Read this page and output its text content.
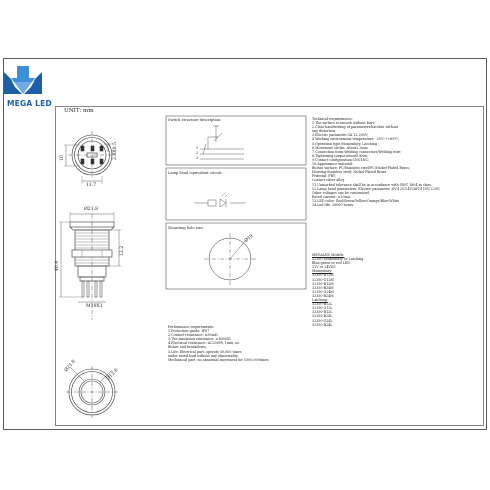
MEGA LED
UNIT: mm
10
11.7
2.8X0.5
Ø21.8
12.2
40.4
M19X1
Ø21.8
Ø12.6
Switch structure description:
1
2
3
Lamp head equivalent circuit:
Mounting hole size:
Ø19
Performance requirements:
1.Protection grade: IP67
2.Contact resistance: ≤50mΩ
3.The insulation resistance: ≥100MΩ
4.Electrical resistance: AC2000V, 1min, no
flicker and breakdown;
5.Life: Electrical part: operate 50,000 times
under rated load without any abnormality.
Mechanical part: no abnormal movement for 1000,000times
Technical requirements:
1.The surface is smooth without burr;
2.Clear handwriting of parameters/batches without
any distortion;
3.Electric parameter:3A 1L 250V;
4.Working environment temperature: -25℃~+65℃;
5.Operation type:Momentary, Latching ;
6.Movement stroke: about2.2mm
7.Connection form:Welding connectors/Welding wire;
8.Tightening torque:about0.8Nm;
9.Contact configuration:1NO1NC;
10.Appearance material:
Button surface: PC/Stainless steel/PC/Nickel-Plated Brass;
Housing:Stainless steel; Nickel-Plated Brass
Pedestal: PBT;
Contact silver alloy
11.Unmarked tolerance shall be in accordance with GB/T 1804-m class.
12.Lamp head parameters: Electric parameter :6V/12V/24V/36V/110V/220V;
Other voltages can be customized.
Rated current: ≤20mA
13.LED color: Red/Green/Yellow/Orange/Blue/White
14.Led life: 20000 hours.
MEGALED Models:
32350:Momentary or Latching
Blue,green or red LED,
12V or 24VDC
Momentary:
32350-B12M
32350-G12M
32350-R12M
32350-B24M
32350-G24M
32350-R24M
Latching:
32350-B12L
32350-G12L
32350-R12L
32350-B24L
32350-G24L
32350-R24L
